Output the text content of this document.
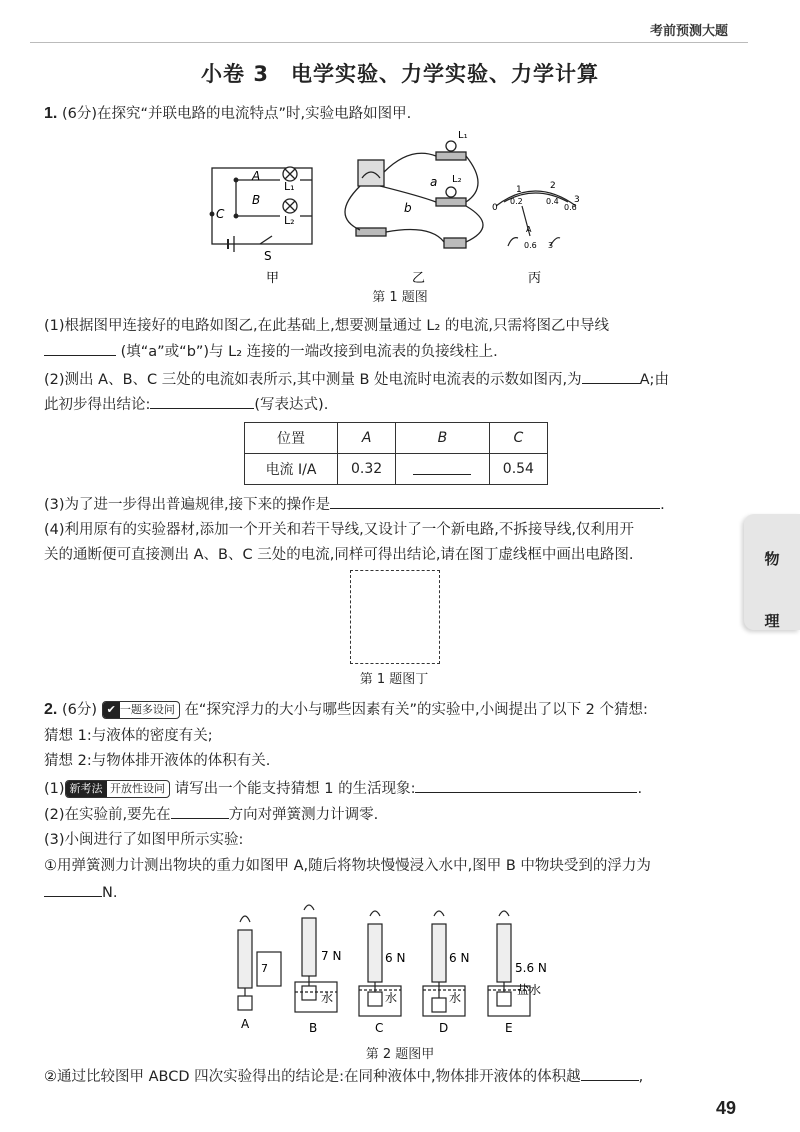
考前预测大题
小卷 3　电学实验、力学实验、力学计算
1. (6分)在探究“并联电路的电流特点”时,实验电路如图甲.
A
B
C
L₁
L₂
S
甲
a
b
L₁
L₂
乙
0
0.2	0.4
0.6
1	2
3
A
0.6 3
丙
第 1 题图
(1)根据图甲连接好的电路如图乙,在此基础上,想要测量通过 L₂ 的电流,只需将图乙中导线
(填“a”或“b”)与 L₂ 连接的一端改接到电流表的负接线柱上.
(2)测出 A、B、C 三处的电流如表所示,其中测量 B 处电流时电流表的示数如图丙,为	A;由
此初步得出结论:	(写表达式).
位置	A	B	C
电流 I/A	0.32		0.54
(3)为了进一步得出普遍规律,接下来的操作是	.
(4)利用原有的实验器材,添加一个开关和若干导线,又设计了一个新电路,不拆接导线,仅利用开
关的通断便可直接测出 A、B、C 三处的电流,同样可得出结论,请在图丁虚线框中画出电路图.
第 1 题图丁
2. (6分) ✔ 一题多设问 在“探究浮力的大小与哪些因素有关”的实验中,小闽提出了以下 2 个猜想:
猜想 1:与液体的密度有关;
猜想 2:与物体排开液体的体积有关.
(1) 新考法 开放性设问 请写出一个能支持猜想 1 的生活现象:	.
(2)在实验前,要先在	方向对弹簧测力计调零.
(3)小闽进行了如图甲所示实验:
①用弹簧测力计测出物块的重力如图甲 A,随后将物块慢慢浸入水中,图甲 B 中物块受到的浮力为
N.
7
7 N	6 N	6 N
5.6 N
水	水	水
盐水
A	B	C	D	E
第 2 题图甲
②通过比较图甲 ABCD 四次实验得出的结论是:在同种液体中,物体排开液体的体积越	,
物
理
49
